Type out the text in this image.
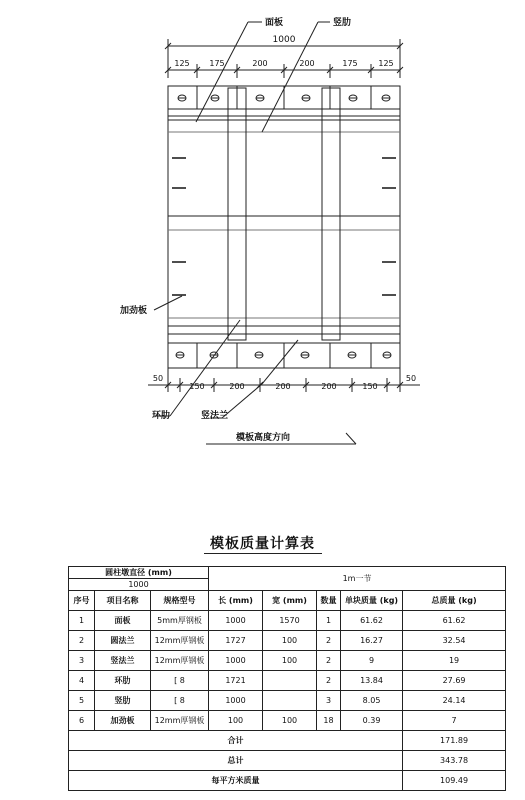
1000
125 175	200	200	175	125
50
150	200	200	200	150
50
面板	竖肋
加劲板
环肋	竖法兰
模板高度方向
模板质量计算表
圆柱墩直径 (mm)			1m一节				
1000							
序号	项目名称	规格型号	长 (mm)	宽 (mm)	数量	单块质量 (kg)	总质量 (kg)
1	面板	5mm厚钢板	1000	1570	1	61.62	61.62
2	圆法兰	12mm厚钢板	1727	100	2	16.27	32.54
3	竖法兰	12mm厚钢板	1000	100	2	9	19
4	环肋	[ 8	1721		2	13.84	27.69
5	竖肋	[ 8	1000		3	8.05	24.14
6	加劲板	12mm厚钢板	100	100	18	0.39	7
合计							171.89
总计							343.78
每平方米质量							109.49
